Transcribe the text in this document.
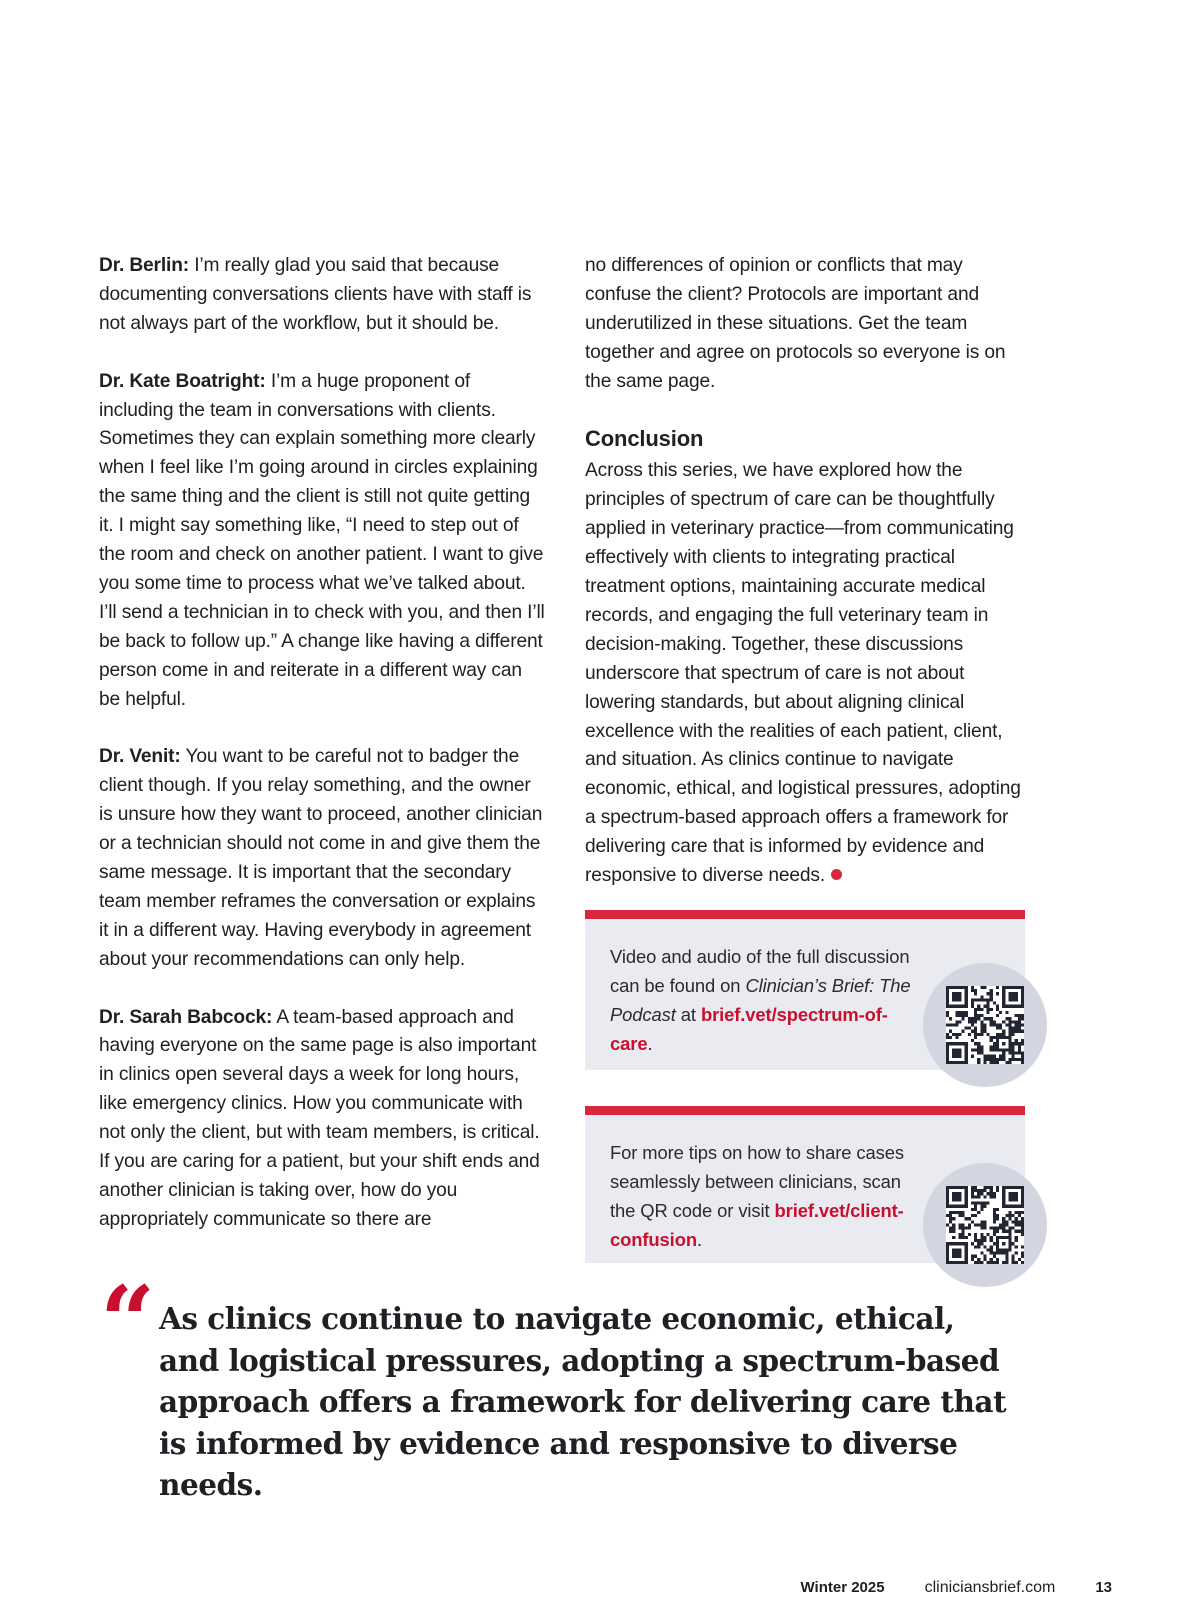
Dr. Berlin: I’m really glad you said that because documenting conversations clients have with staff is not always part of the workflow, but it should be.

Dr. Kate Boatright: I’m a huge proponent of including the team in conversations with clients. Sometimes they can explain something more clearly when I feel like I’m going around in circles explaining the same thing and the client is still not quite getting it. I might say something like, “I need to step out of the room and check on another patient. I want to give you some time to process what we’ve talked about. I’ll send a technician in to check with you, and then I’ll be back to follow up.” A change like having a different person come in and reiterate in a different way can be helpful.

Dr. Venit: You want to be careful not to badger the client though. If you relay something, and the owner is unsure how they want to proceed, another clinician or a technician should not come in and give them the same message. It is important that the secondary team member reframes the conversation or explains it in a different way. Having everybody in agreement about your recommendations can only help.

Dr. Sarah Babcock: A team-based approach and having everyone on the same page is also important in clinics open several days a week for long hours, like emergency clinics. How you communicate with not only the client, but with team members, is critical. If you are caring for a patient, but your shift ends and another clinician is taking over, how do you appropriately communicate so there are

no differences of opinion or conflicts that may confuse the client? Protocols are important and underutilized in these situations. Get the team together and agree on protocols so everyone is on the same page.

Conclusion

Across this series, we have explored how the principles of spectrum of care can be thoughtfully applied in veterinary practice—from communicating effectively with clients to integrating practical treatment options, maintaining accurate medical records, and engaging the full veterinary team in decision-making. Together, these discussions underscore that spectrum of care is not about lowering standards, but about aligning clinical excellence with the realities of each patient, client, and situation. As clinics continue to navigate economic, ethical, and logistical pressures, adopting a spectrum-based approach offers a framework for delivering care that is informed by evidence and responsive to diverse needs.

Video and audio of the full discussion can be found on Clinician’s Brief: The Podcast at brief.vet/spectrum-of-care.
For more tips on how to share cases seamlessly between clinicians, scan the QR code or visit brief.vet/client-confusion.
“ As clinics continue to navigate economic, ethical, and logistical pressures, adopting a spectrum-based approach offers a framework for delivering care that is informed by evidence and responsive to diverse needs.

Winter 2025	cliniciansbrief.com	13
